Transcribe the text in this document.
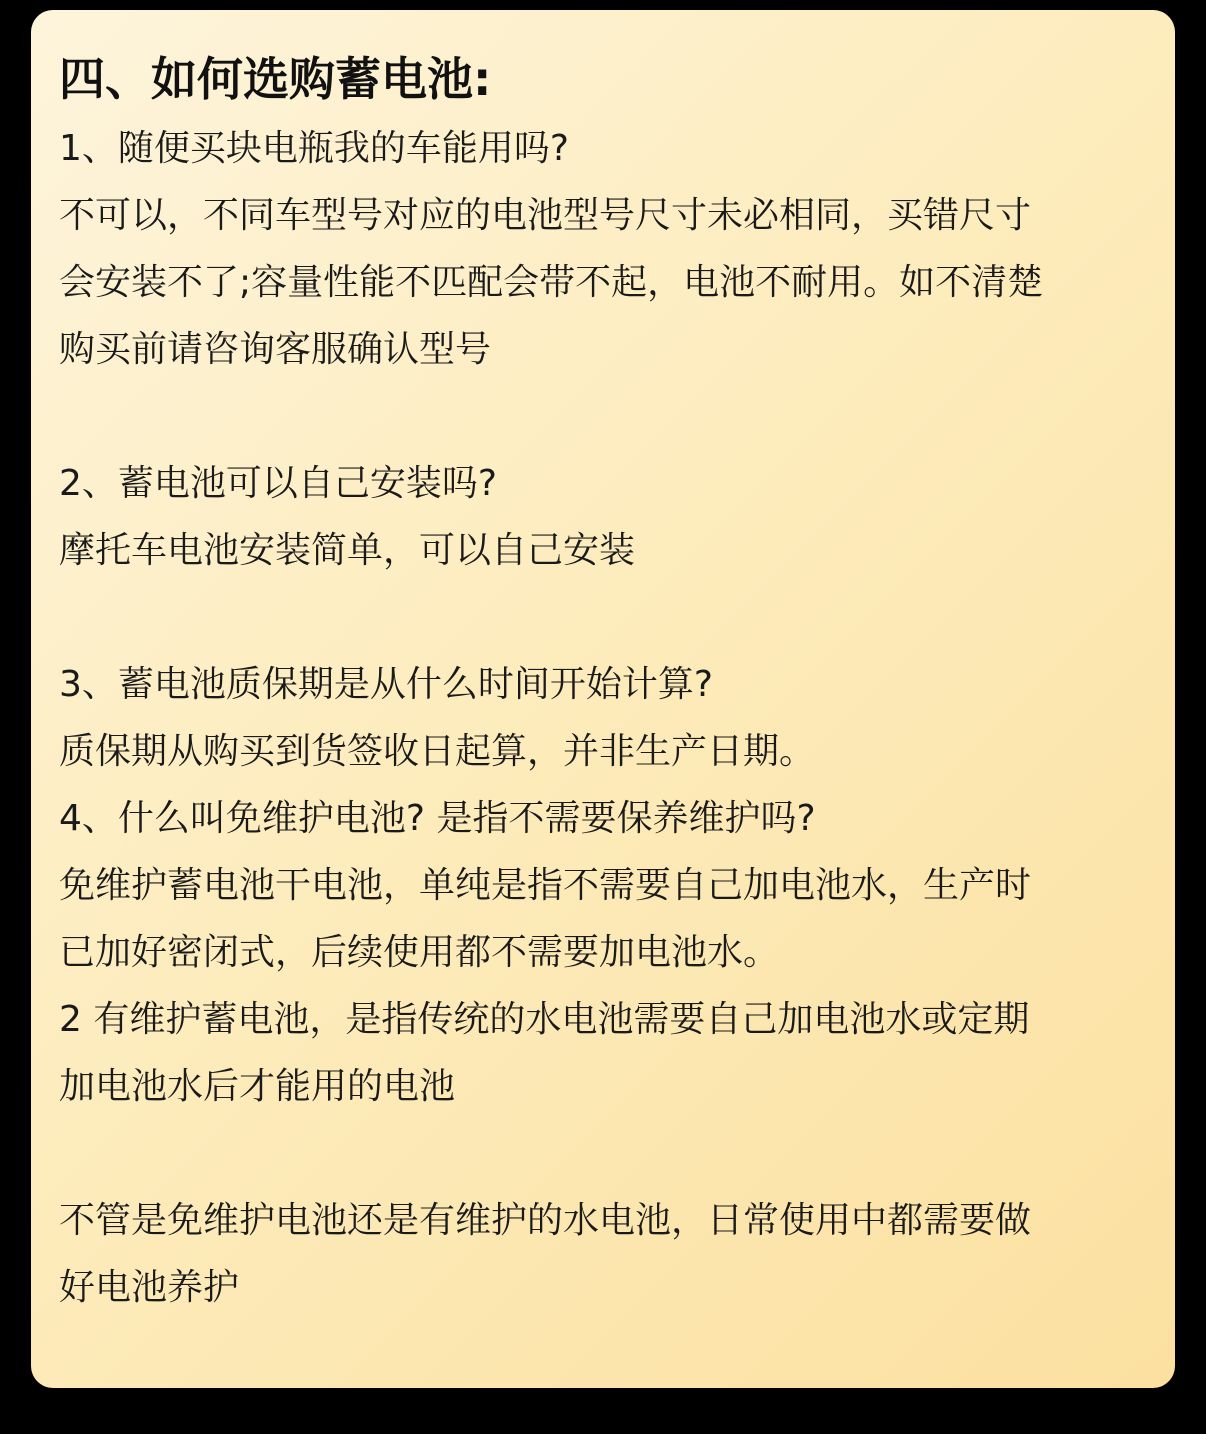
四、如何选购蓄电池:
1、随便买块电瓶我的车能用吗?
不可以，不同车型号对应的电池型号尺寸未必相同，买错尺寸
会安装不了;容量性能不匹配会带不起，电池不耐用。如不清楚
购买前请咨询客服确认型号
2、蓄电池可以自己安装吗?
摩托车电池安装简单，可以自己安装
3、蓄电池质保期是从什么时间开始计算?
质保期从购买到货签收日起算，并非生产日期。
4、什么叫免维护电池? 是指不需要保养维护吗?
免维护蓄电池干电池，单纯是指不需要自己加电池水，生产时
已加好密闭式，后续使用都不需要加电池水。
2 有维护蓄电池，是指传统的水电池需要自己加电池水或定期
加电池水后才能用的电池
不管是免维护电池还是有维护的水电池，日常使用中都需要做
好电池养护
